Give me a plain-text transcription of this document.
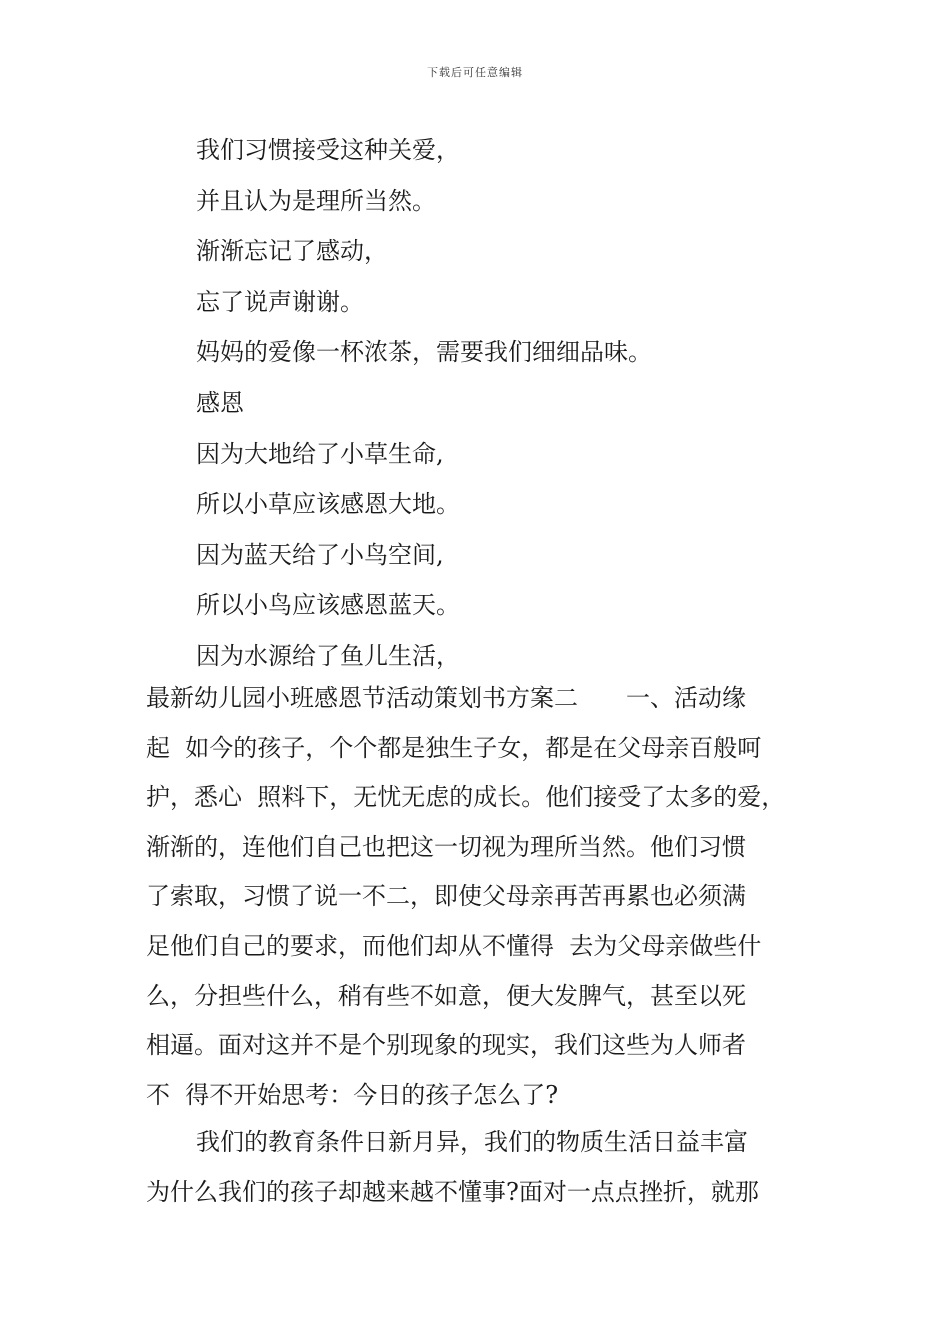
下载后可任意编辑
我们习惯接受这种关爱，
并且认为是理所当然。
渐渐忘记了感动，
忘了说声谢谢。
妈妈的爱像一杯浓茶，需要我们细细品味。
感恩
因为大地给了小草生命,
所以小草应该感恩大地。
因为蓝天给了小鸟空间,
所以小鸟应该感恩蓝天。
因为水源给了鱼儿生活，
最新幼儿园小班感恩节活动策划书方案二　　一、活动缘
起  如今的孩子，个个都是独生子女，都是在父母亲百般呵
护，悉心  照料下，无忧无虑的成长。他们接受了太多的爱，
渐渐的，连他们自己也把这一切视为理所当然。他们习惯
了索取，习惯了说一不二，即使父母亲再苦再累也必须满
足他们自己的要求，而他们却从不懂得  去为父母亲做些什
么，分担些什么，稍有些不如意，便大发脾气，甚至以死
相逼。面对这并不是个别现象的现实，我们这些为人师者
不  得不开始思考：今日的孩子怎么了?
我们的教育条件日新月异，我们的物质生活日益丰富
为什么我们的孩子却越来越不懂事?面对一点点挫折，就那
